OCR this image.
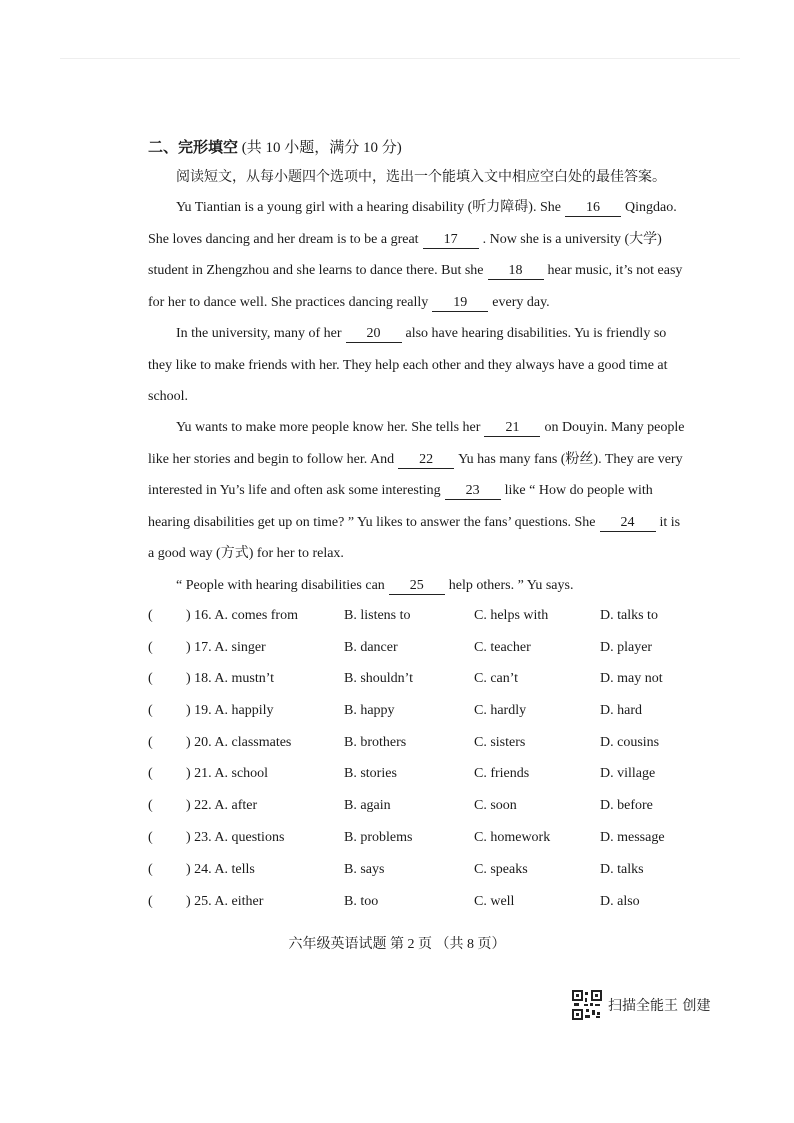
二、完形填空 (共 10 小题，满分 10 分)
阅读短文，从每小题四个选项中，选出一个能填入文中相应空白处的最佳答案。
Yu Tiantian is a young girl with a hearing disability (听力障碍). She 16 Qingdao. She loves dancing and her dream is to be a great 17 . Now she is a university (大学) student in Zhengzhou and she learns to dance there. But she 18 hear music, it’s not easy for her to dance well. She practices dancing really 19 every day.
In the university, many of her 20 also have hearing disabilities. Yu is friendly so they like to make friends with her. They help each other and they always have a good time at school.
Yu wants to make more people know her. She tells her 21 on Douyin. Many people like her stories and begin to follow her. And 22 Yu has many fans (粉丝). They are very interested in Yu’s life and often ask some interesting 23 like “ How do people with hearing disabilities get up on time? ” Yu likes to answer the fans’ questions. She 24 it is a good way (方式) for her to relax.
“ People with hearing disabilities can 25 help others. ” Yu says.
( ) 16. A. comes from	B. listens to	C. helps with	D. talks to
( ) 17. A. singer	B. dancer	C. teacher	D. player
( ) 18. A. mustn’t	B. shouldn’t	C. can’t	D. may not
( ) 19. A. happily	B. happy	C. hardly	D. hard
( ) 20. A. classmates	B. brothers	C. sisters	D. cousins
( ) 21. A. school	B. stories	C. friends	D. village
( ) 22. A. after	B. again	C. soon	D. before
( ) 23. A. questions	B. problems	C. homework	D. message
( ) 24. A. tells	B. says	C. speaks	D. talks
( ) 25. A. either	B. too	C. well	D. also
六年级英语试题 第 2 页 （共 8 页）
扫描全能王 创建
